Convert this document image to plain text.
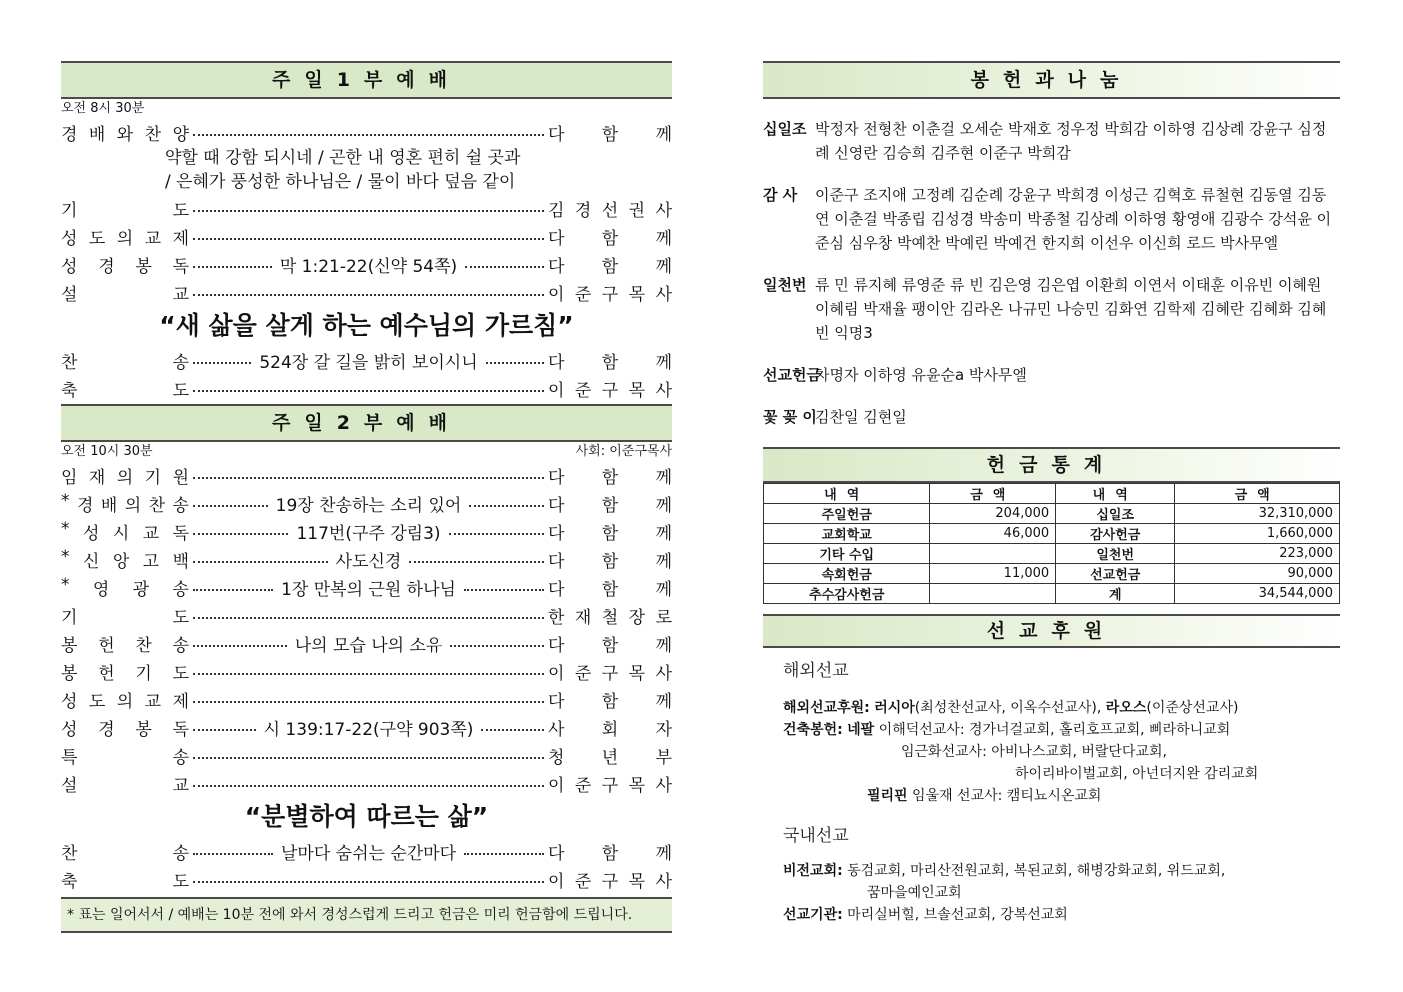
주일1부예배
오전 8시 30분
경 배 와 찬 양	다 함 께
약할 때 강함 되시네 / 곤한 내 영혼 편히 쉴 곳과
/ 은혜가 풍성한 하나님은 / 물이 바다 덮음 같이
기	도	김 경 선 권 사
성 도 의 교 제	다 함 께
성 경 봉 독	막 1:21-22(신약 54쪽)	다 함 께
설	교	이 준 구 목 사
“새 삶을 살게 하는 예수님의 가르침”
찬	송	524장 갈 길을 밝히 보이시니	다 함 께
축	도	이 준 구 목 사
주일2부예배
오전 10시 30분	사회: 이준구목사
임 재 의 기 원	다 함 께
* 경 배 의 찬 송	19장 찬송하는 소리 있어	다 함 께
* 성 시 교 독	117번(구주 강림3)	다 함 께
* 신 앙 고 백	사도신경	다 함 께
* 영 광 송	1장 만복의 근원 하나님	다 함 께
기	도	한 재 철 장 로
봉 헌 찬 송	나의 모습 나의 소유	다 함 께
봉 헌 기 도	이 준 구 목 사
성 도 의 교 제	다 함 께
성 경 봉 독	시 139:17-22(구약 903쪽)	사 회 자
특	송	청 년 부
설	교	이 준 구 목 사
“분별하여 따르는 삶”
찬	송	날마다 숨쉬는 순간마다	다 함 께
축	도	이 준 구 목 사
* 표는 일어서서 / 예배는 10분 전에 와서 경성스럽게 드리고 헌금은 미리 헌금함에 드립니다.
봉헌과나눔
십일조 박정자 전형찬 이춘걸 오세순 박재호 정우정 박희감 이하영 김상례 강윤구 심정례 신영란 김승희 김주현 이준구 박희감
감 사	이준구 조지애 고정례 김순례 강윤구 박희경 이성근 김혁호 류철현 김동열 김동연 이춘걸 박종립 김성경 박송미 박종철 김상례 이하영 황영애 김광수 강석윤 이준심 심우창 박예찬 박예린 박예건 한지희 이선우 이신희 로드 박사무엘
일천번 류 민 류지혜 류영준 류 빈 김은영 김은엽 이환희 이연서 이태훈 이유빈 이혜원 이혜림 박재율 팽이안 김라온 나규민 나승민 김화연 김학제 김혜란 김혜화 김혜빈 익명3
선교헌금
차명자 이하영 유윤순a 박사무엘
꽃 꽂 이
김찬일 김현일
헌금통계
내역	금액	내역	금액
주일헌금	204,000	십일조	32,310,000
교회학교	46,000	감사헌금	1,660,000
기타 수입		일천번	223,000
속회헌금	11,000	선교헌금	90,000
추수감사헌금		계	34,544,000
선교후원
해외선교
해외선교후원: 러시아(최성찬선교사, 이옥수선교사), 라오스(이준상선교사)
건축봉헌: 네팔 이해덕선교사: 경가너걸교회, 홀리호프교회, 삐라하니교회
임근화선교사: 아비나스교회, 버랄단다교회,
하이리바이벌교회, 아넌더지완 감리교회
필리핀 임울재 선교사: 캠티뇨시온교회
국내선교
비전교회: 동검교회, 마리산전원교회, 복된교회, 해병강화교회, 위드교회,
꿈마을예인교회
선교기관: 마리실버힐, 브솔선교회, 강복선교회
